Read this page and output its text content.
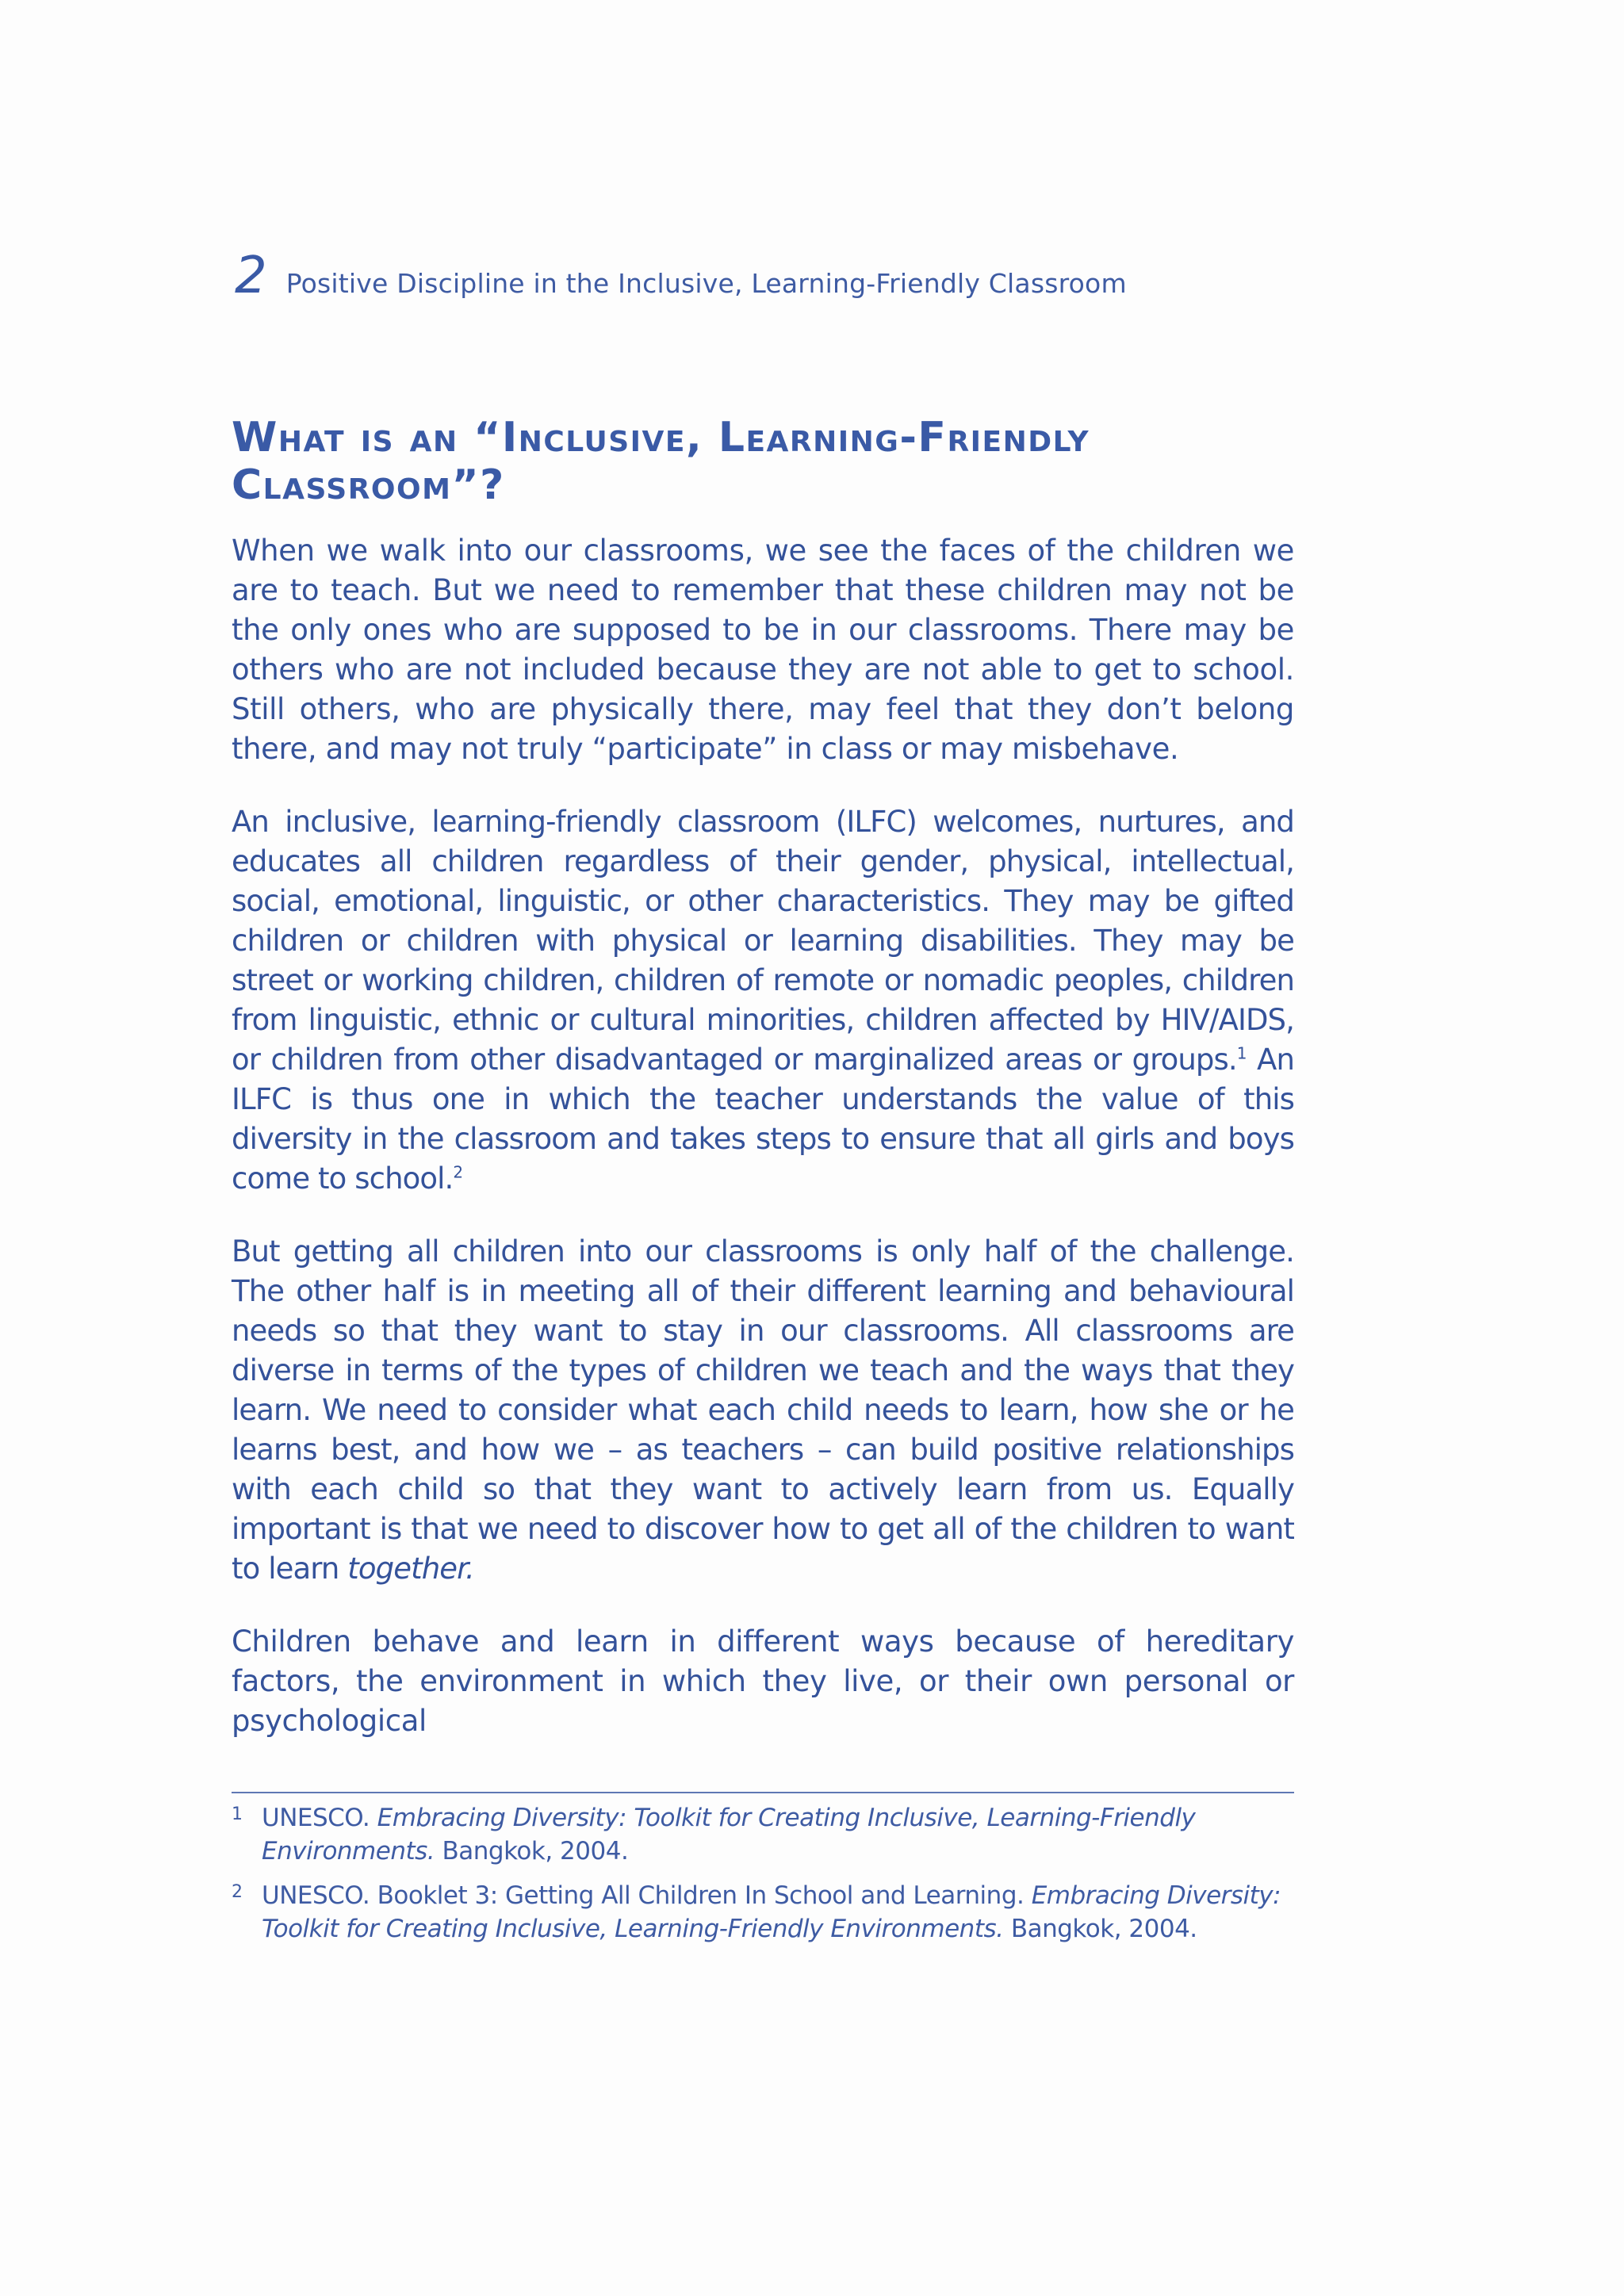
2 Positive Discipline in the Inclusive, Learning-Friendly Classroom
What is an “Inclusive, Learning-Friendly
Classroom”?

When we walk into our classrooms, we see the faces of the children we are to teach. But we need to remember that these children may not be the only ones who are supposed to be in our classrooms. There may be others who are not included because they are not able to get to school. Still others, who are physically there, may feel that they don’t belong there, and may not truly “participate” in class or may misbehave.

An inclusive, learning-friendly classroom (ILFC) welcomes, nurtures, and educates all children regardless of their gender, physical, intellectual, social, emotional, linguistic, or other characteristics. They may be gifted children or children with physical or learning disabilities. They may be street or working children, children of remote or nomadic peoples, children from linguistic, ethnic or cultural minorities, children affected by HIV/AIDS, or children from other disadvantaged or marginalized areas or groups.$^1$ An ILFC is thus one in which the teacher understands the value of this diversity in the classroom and takes steps to ensure that all girls and boys come to school.$^2$

But getting all children into our classrooms is only half of the challenge. The other half is in meeting all of their different learning and behavioural needs so that they want to stay in our classrooms. All classrooms are diverse in terms of the types of children we teach and the ways that they learn. We need to consider what each child needs to learn, how she or he learns best, and how we – as teachers – can build positive relationships with each child so that they want to actively learn from us. Equally important is that we need to discover how to get all of the children to want to learn together.

Children behave and learn in different ways because of hereditary factors, the environment in which they live, or their own personal or psychological

1 UNESCO. Embracing Diversity: Toolkit for Creating Inclusive, Learning-Friendly Environments. Bangkok, 2004.
2 UNESCO. Booklet 3: Getting All Children In School and Learning. Embracing Diversity: Toolkit for Creating Inclusive, Learning-Friendly Environments. Bangkok, 2004.
